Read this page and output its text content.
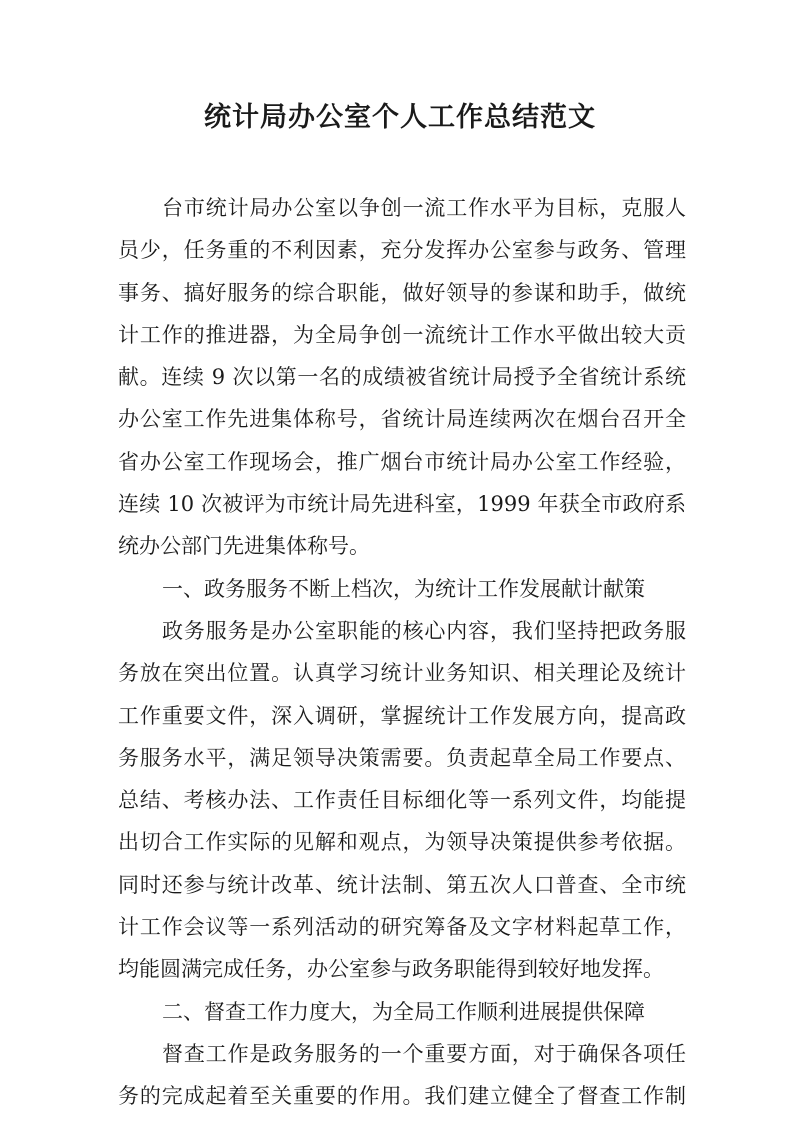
统计局办公室个人工作总结范文
台市统计局办公室以争创一流工作水平为目标，克服人
员少，任务重的不利因素，充分发挥办公室参与政务、管理
事务、搞好服务的综合职能，做好领导的参谋和助手，做统
计工作的推进器，为全局争创一流统计工作水平做出较大贡
献。连续 9 次以第一名的成绩被省统计局授予全省统计系统
办公室工作先进集体称号，省统计局连续两次在烟台召开全
省办公室工作现场会，推广烟台市统计局办公室工作经验，
连续 10 次被评为市统计局先进科室，1999 年获全市政府系
统办公部门先进集体称号。
一、政务服务不断上档次，为统计工作发展献计献策
政务服务是办公室职能的核心内容，我们坚持把政务服
务放在突出位置。认真学习统计业务知识、相关理论及统计
工作重要文件，深入调研，掌握统计工作发展方向，提高政
务服务水平，满足领导决策需要。负责起草全局工作要点、
总结、考核办法、工作责任目标细化等一系列文件，均能提
出切合工作实际的见解和观点，为领导决策提供参考依据。
同时还参与统计改革、统计法制、第五次人口普查、全市统
计工作会议等一系列活动的研究筹备及文字材料起草工作，
均能圆满完成任务，办公室参与政务职能得到较好地发挥。
二、督查工作力度大，为全局工作顺利进展提供保障
督查工作是政务服务的一个重要方面，对于确保各项任
务的完成起着至关重要的作用。我们建立健全了督查工作制
